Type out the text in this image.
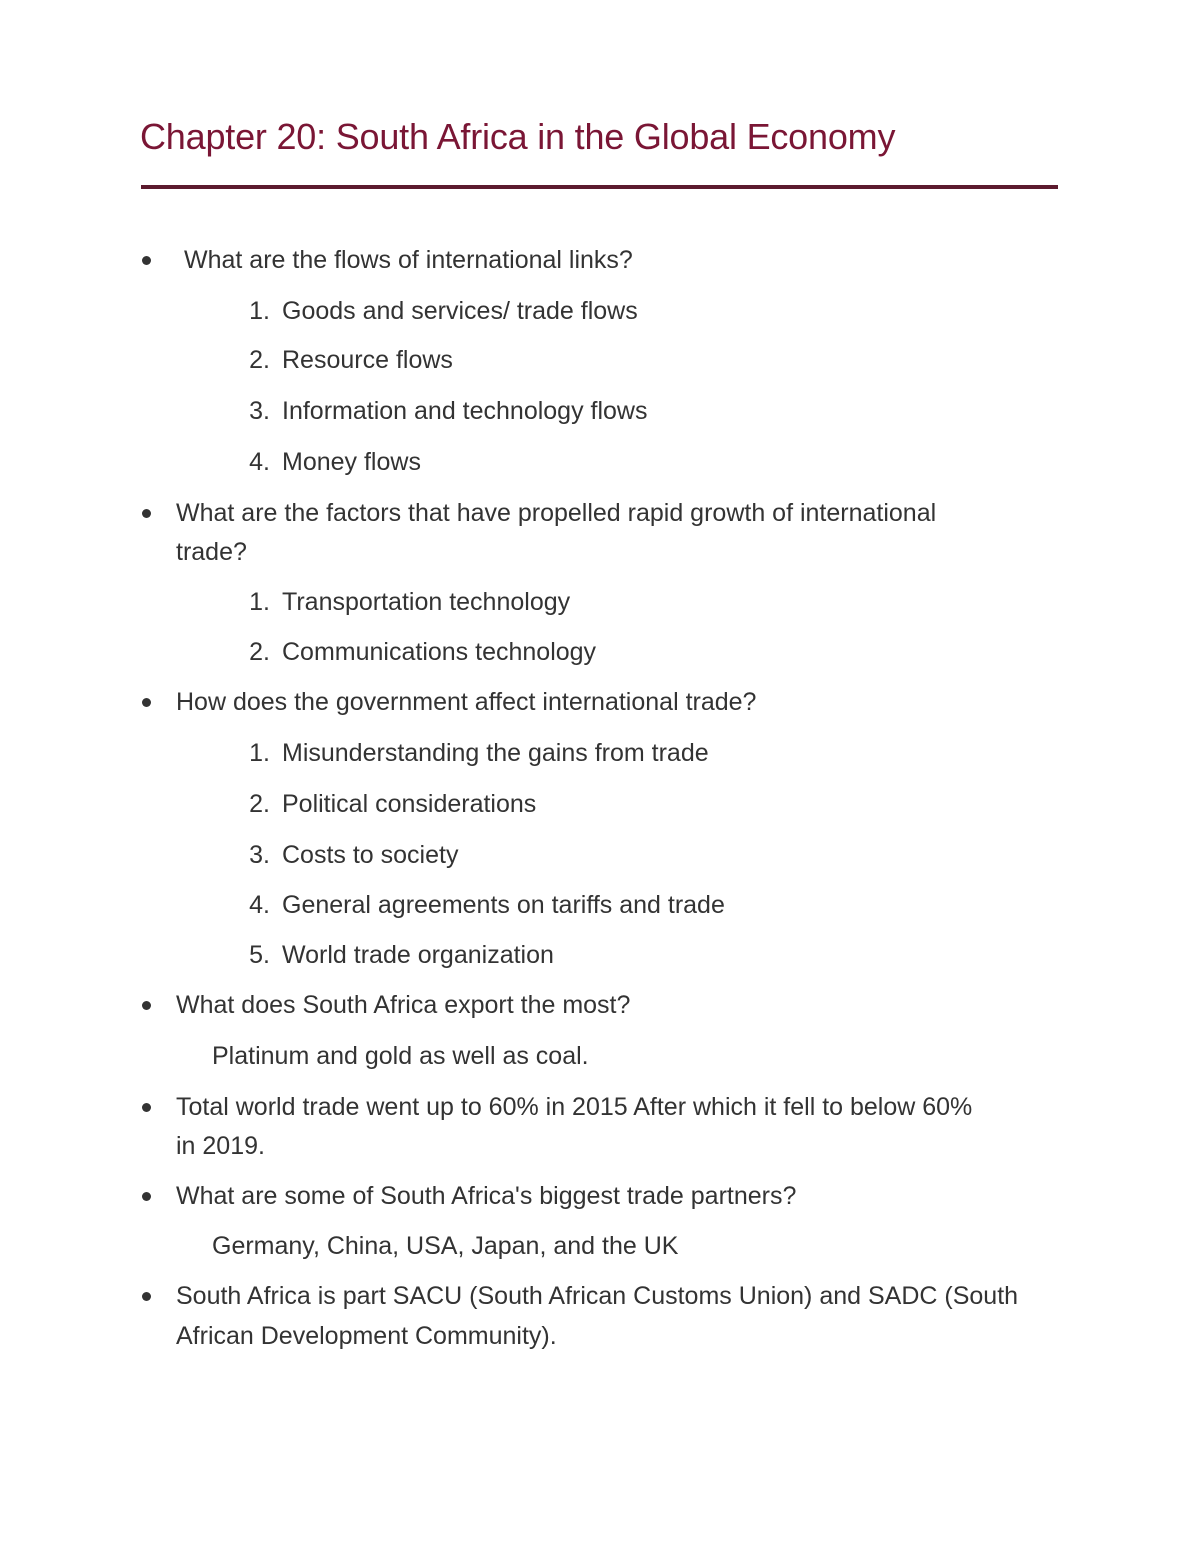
Chapter 20: South Africa in the Global Economy
What are the flows of international links?
1. Goods and services/ trade flows
2. Resource flows
3. Information and technology flows
4. Money flows
What are the factors that have propelled rapid growth of international
trade?
1. Transportation technology
2. Communications technology
How does the government affect international trade?
1. Misunderstanding the gains from trade
2. Political considerations
3. Costs to society
4. General agreements on tariffs and trade
5. World trade organization
What does South Africa export the most?
Platinum and gold as well as coal.
Total world trade went up to 60% in 2015 After which it fell to below 60%
in 2019.
What are some of South Africa's biggest trade partners?
Germany, China, USA, Japan, and the UK
South Africa is part SACU (South African Customs Union) and SADC (South
African Development Community).
